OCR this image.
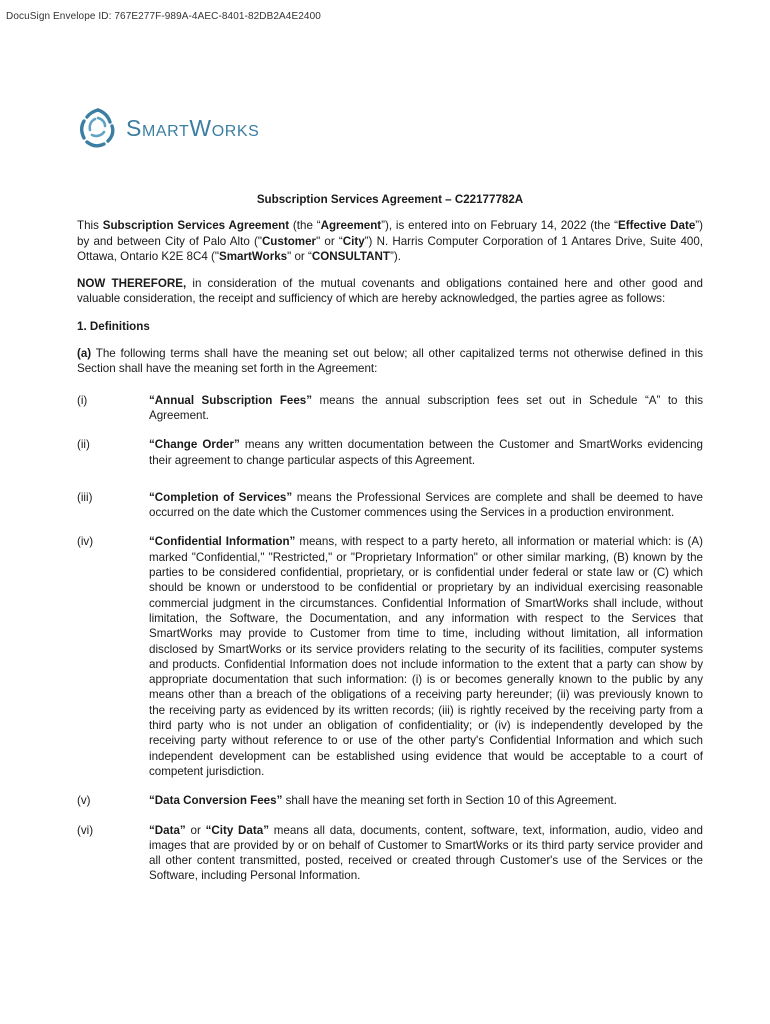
DocuSign Envelope ID: 767E277F-989A-4AEC-8401-82DB2A4E2400
SmartWorks
Subscription Services Agreement – C22177782A
This Subscription Services Agreement (the “Agreement”), is entered into on February 14, 2022 (the “Effective Date”) by and between City of Palo Alto ("Customer" or “City”) N. Harris Computer Corporation of 1 Antares Drive, Suite 400, Ottawa, Ontario K2E 8C4 ("SmartWorks" or “CONSULTANT”).
NOW THEREFORE, in consideration of the mutual covenants and obligations contained here and other good and valuable consideration, the receipt and sufficiency of which are hereby acknowledged, the parties agree as follows:
1. Definitions
(a) The following terms shall have the meaning set out below; all other capitalized terms not otherwise defined in this Section shall have the meaning set forth in the Agreement:
(i)	“Annual Subscription Fees” means the annual subscription fees set out in Schedule “A” to this Agreement.
(ii)	“Change Order” means any written documentation between the Customer and SmartWorks evidencing their agreement to change particular aspects of this Agreement.
(iii)	“Completion of Services” means the Professional Services are complete and shall be deemed to have occurred on the date which the Customer commences using the Services in a production environment.
(iv)	“Confidential Information” means, with respect to a party hereto, all information or material which: is (A) marked "Confidential," "Restricted," or "Proprietary Information" or other similar marking, (B) known by the parties to be considered confidential, proprietary, or is confidential under federal or state law or (C) which should be known or understood to be confidential or proprietary by an individual exercising reasonable commercial judgment in the circumstances. Confidential Information of SmartWorks shall include, without limitation, the Software, the Documentation, and any information with respect to the Services that SmartWorks may provide to Customer from time to time, including without limitation, all information disclosed by SmartWorks or its service providers relating to the security of its facilities, computer systems and products. Confidential Information does not include information to the extent that a party can show by appropriate documentation that such information: (i) is or becomes generally known to the public by any means other than a breach of the obligations of a receiving party hereunder; (ii) was previously known to the receiving party as evidenced by its written records; (iii) is rightly received by the receiving party from a third party who is not under an obligation of confidentiality; or (iv) is independently developed by the receiving party without reference to or use of the other party's Confidential Information and which such independent development can be established using evidence that would be acceptable to a court of competent jurisdiction.
(v)	“Data Conversion Fees” shall have the meaning set forth in Section 10 of this Agreement.
(vi)	“Data” or “City Data” means all data, documents, content, software, text, information, audio, video and images that are provided by or on behalf of Customer to SmartWorks or its third party service provider and all other content transmitted, posted, received or created through Customer's use of the Services or the Software, including Personal Information.
